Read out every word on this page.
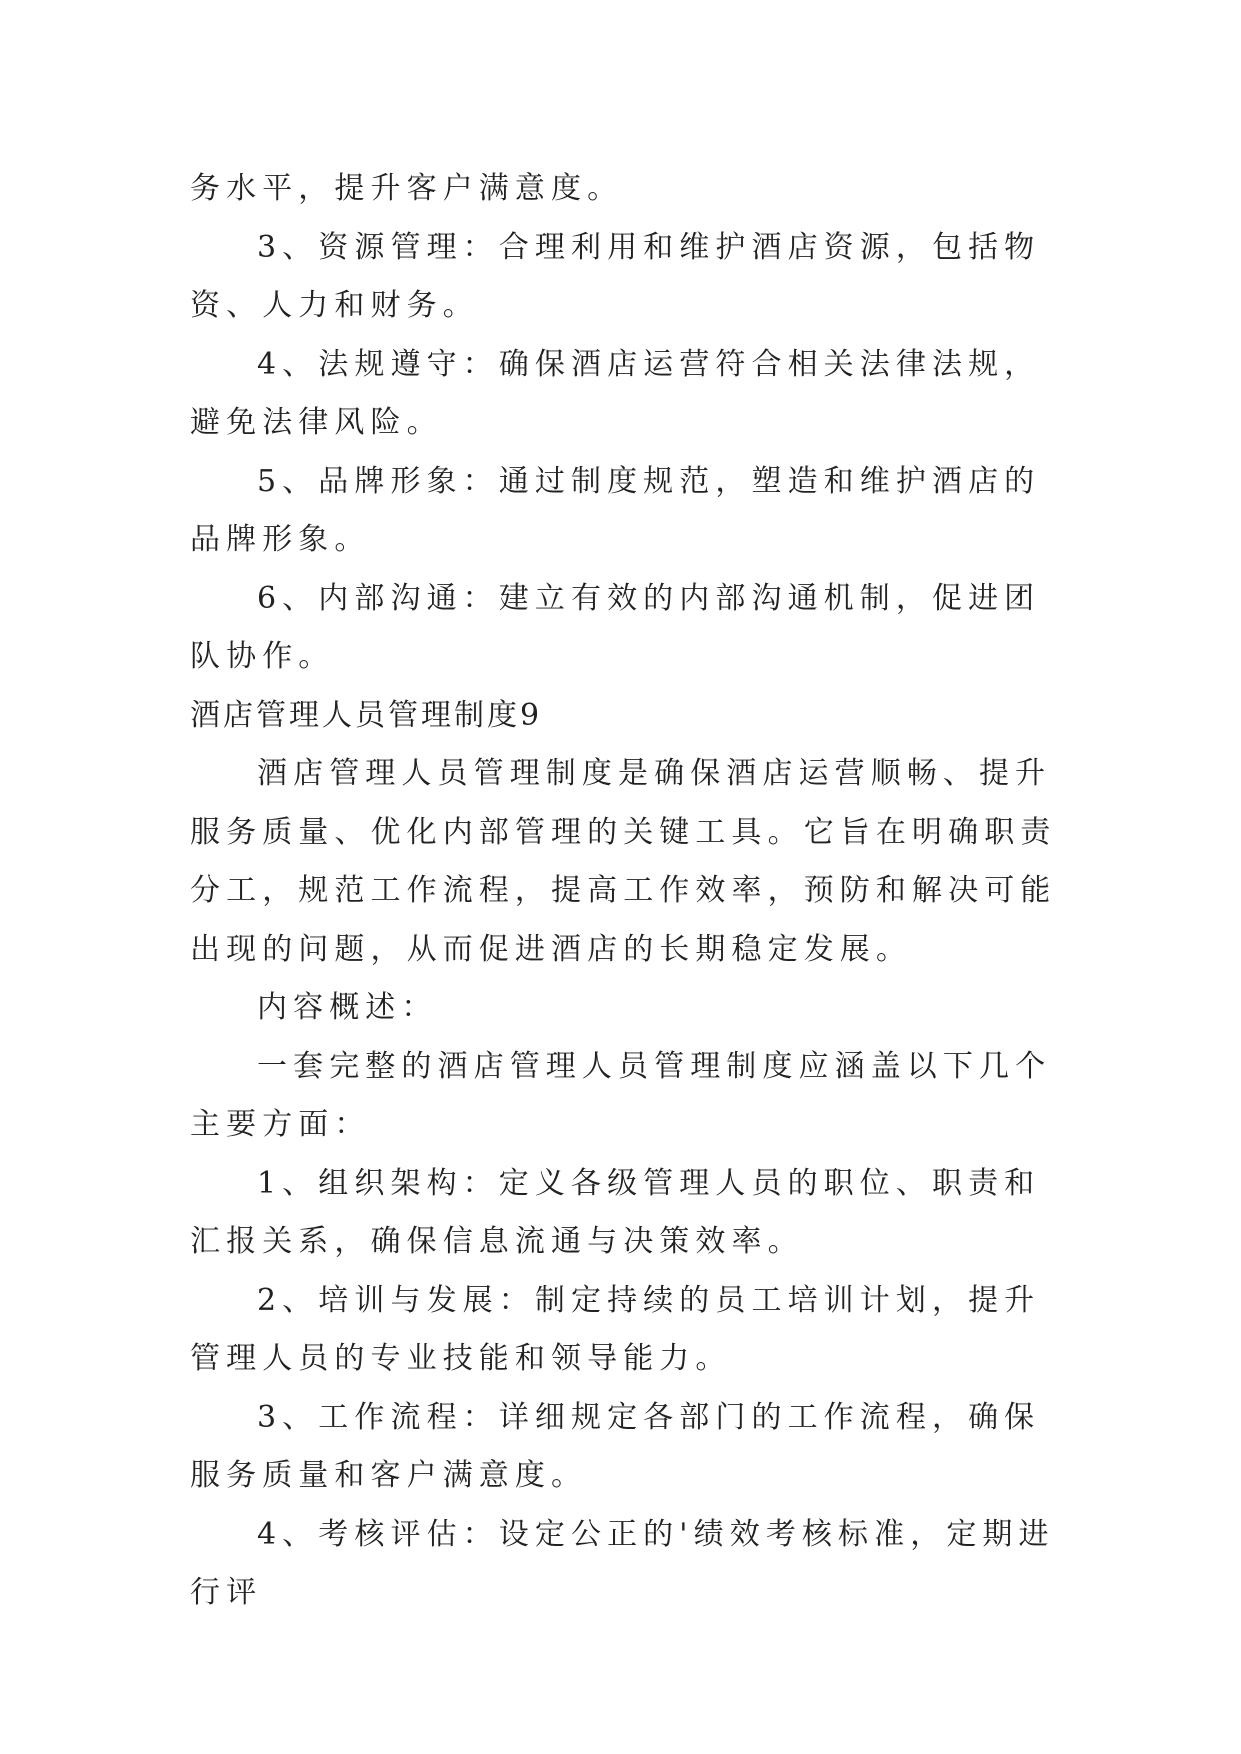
务水平，提升客户满意度。

3、资源管理：合理利用和维护酒店资源，包括物资、人力和财务。

4、法规遵守：确保酒店运营符合相关法律法规，避免法律风险。

5、品牌形象：通过制度规范，塑造和维护酒店的品牌形象。

6、内部沟通：建立有效的内部沟通机制，促进团队协作。

酒店管理人员管理制度9

酒店管理人员管理制度是确保酒店运营顺畅、提升服务质量、优化内部管理的关键工具。它旨在明确职责分工，规范工作流程，提高工作效率，预防和解决可能出现的问题，从而促进酒店的长期稳定发展。

内容概述：

一套完整的酒店管理人员管理制度应涵盖以下几个主要方面：

1、组织架构：定义各级管理人员的职位、职责和汇报关系，确保信息流通与决策效率。

2、培训与发展：制定持续的员工培训计划，提升管理人员的专业技能和领导能力。

3、工作流程：详细规定各部门的工作流程，确保服务质量和客户满意度。

4、考核评估：设定公正的'绩效考核标准，定期进行评
